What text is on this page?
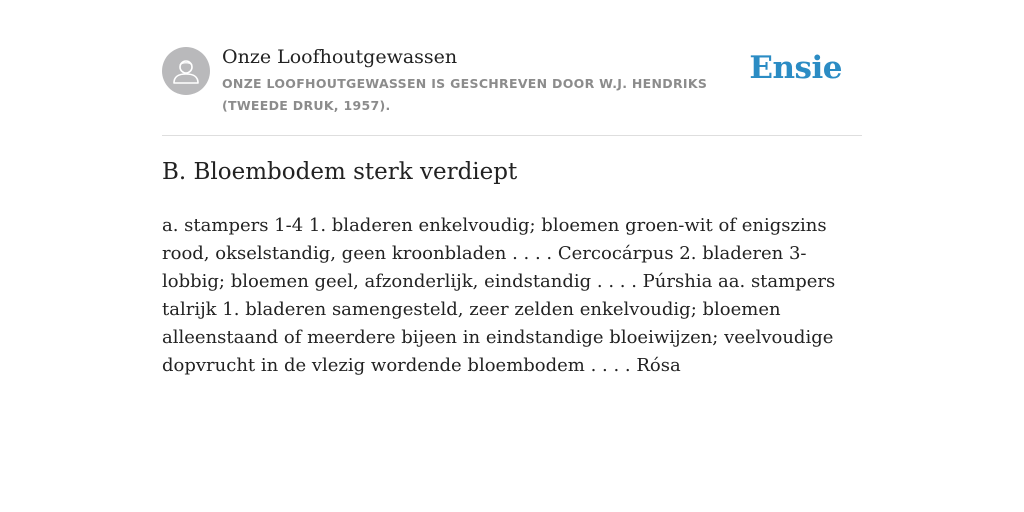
Onze Loofhoutgewassen
ONZE LOOFHOUTGEWASSEN IS GESCHREVEN DOOR W.J. HENDRIKS (TWEEDE DRUK, 1957).
Ensie
B. Bloembodem sterk verdiept

a. stampers 1-4 1. bladeren enkelvoudig; bloemen groen-wit of enigszins rood, okselstandig, geen kroonbladen . . . . Cercocárpus 2. bladeren 3-lobbig; bloemen geel, afzonderlijk, eindstandig . . . . Púrshia aa. stampers talrijk 1. bladeren samengesteld, zeer zelden enkelvoudig; bloemen alleenstaand of meerdere bijeen in eindstandige bloeiwijzen; veelvoudige dopvrucht in de vlezig wordende bloembodem . . . . Rósa
